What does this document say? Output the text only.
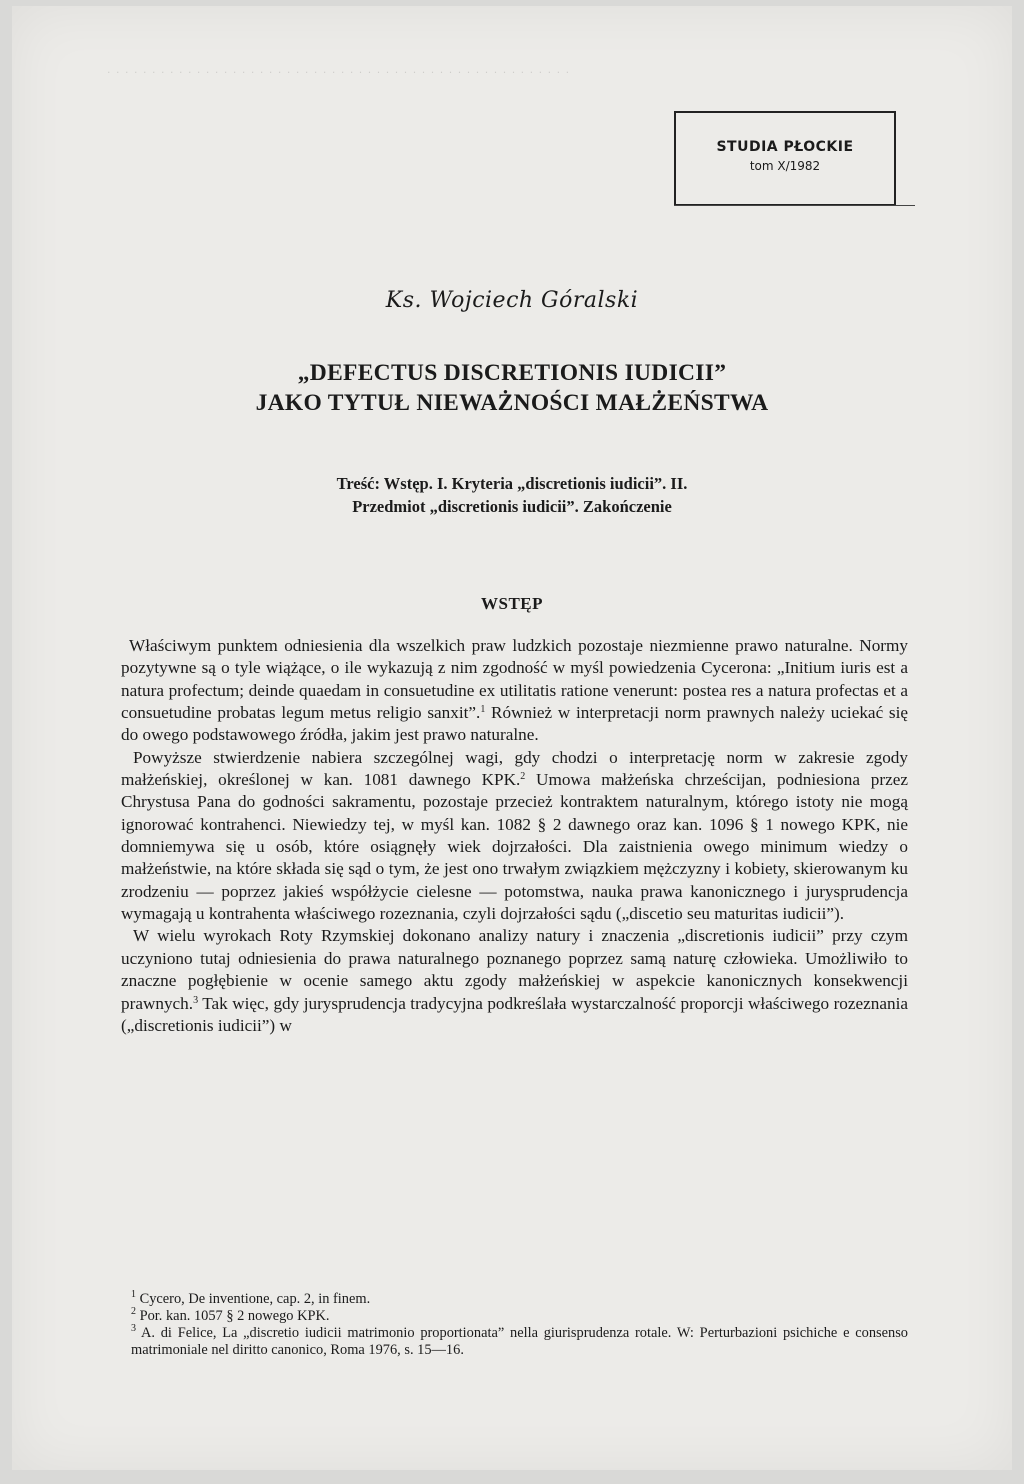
· · · · · · · · · · · · · · · · · · · · · · · · · · · · · · · · · · · · · · · · · · · · · · · · · · · ·
STUDIA PŁOCKIE
tom X/1982
Ks. Wojciech Góralski
„DEFECTUS DISCRETIONIS IUDICII”
JAKO TYTUŁ NIEWAŻNOŚCI MAŁŻEŃSTWA
Treść: Wstęp. I. Kryteria „discretionis iudicii”. II.
Przedmiot „discretionis iudicii”. Zakończenie
WSTĘP

Właściwym punktem odniesienia dla wszelkich praw ludzkich pozostaje niezmienne prawo naturalne. Normy pozytywne są o tyle wiążące, o ile wykazują z nim zgodność w myśl powiedzenia Cycerona: „Initium iuris est a natura profectum; deinde quaedam in consuetudine ex utilitatis ratione venerunt: postea res a natura profectas et a consuetudine probatas legum metus religio sanxit”.$^1$ Również w interpretacji norm prawnych należy uciekać się do owego podstawowego źródła, jakim jest prawo naturalne.

Powyższe stwierdzenie nabiera szczególnej wagi, gdy chodzi o interpretację norm w zakresie zgody małżeńskiej, określonej w kan. 1081 dawnego KPK.$^2$ Umowa małżeńska chrześcijan, podniesiona przez Chrystusa Pana do godności sakramentu, pozostaje przecież kontraktem naturalnym, którego istoty nie mogą ignorować kontrahenci. Niewiedzy tej, w myśl kan. 1082 § 2 dawnego oraz kan. 1096 § 1 nowego KPK, nie domniemywa się u osób, które osiągnęły wiek dojrzałości. Dla zaistnienia owego minimum wiedzy o małżeństwie, na które składa się sąd o tym, że jest ono trwałym związkiem mężczyzny i kobiety, skierowanym ku zrodzeniu — poprzez jakieś współżycie cielesne — potomstwa, nauka prawa kanonicznego i jurysprudencja wymagają u kontrahenta właściwego rozeznania, czyli dojrzałości sądu („discetio seu maturitas iudicii”).

W wielu wyrokach Roty Rzymskiej dokonano analizy natury i znaczenia „discretionis iudicii” przy czym uczyniono tutaj odniesienia do prawa naturalnego poznanego poprzez samą naturę człowieka. Umożliwiło to znaczne pogłębienie w ocenie samego aktu zgody małżeńskiej w aspekcie kanonicznych konsekwencji prawnych.$^3$ Tak więc, gdy jurysprudencja tradycyjna podkreślała wystarczalność proporcji właściwego rozeznania („discretionis iudicii”) w

$^1$ Cycero, De inventione, cap. 2, in finem.

$^2$ Por. kan. 1057 § 2 nowego KPK.

$^3$ A. di Felice, La „discretio iudicii matrimonio proportionata” nella giurisprudenza rotale. W: Perturbazioni psichiche e consenso matrimoniale nel diritto canonico, Roma 1976, s. 15—16.
